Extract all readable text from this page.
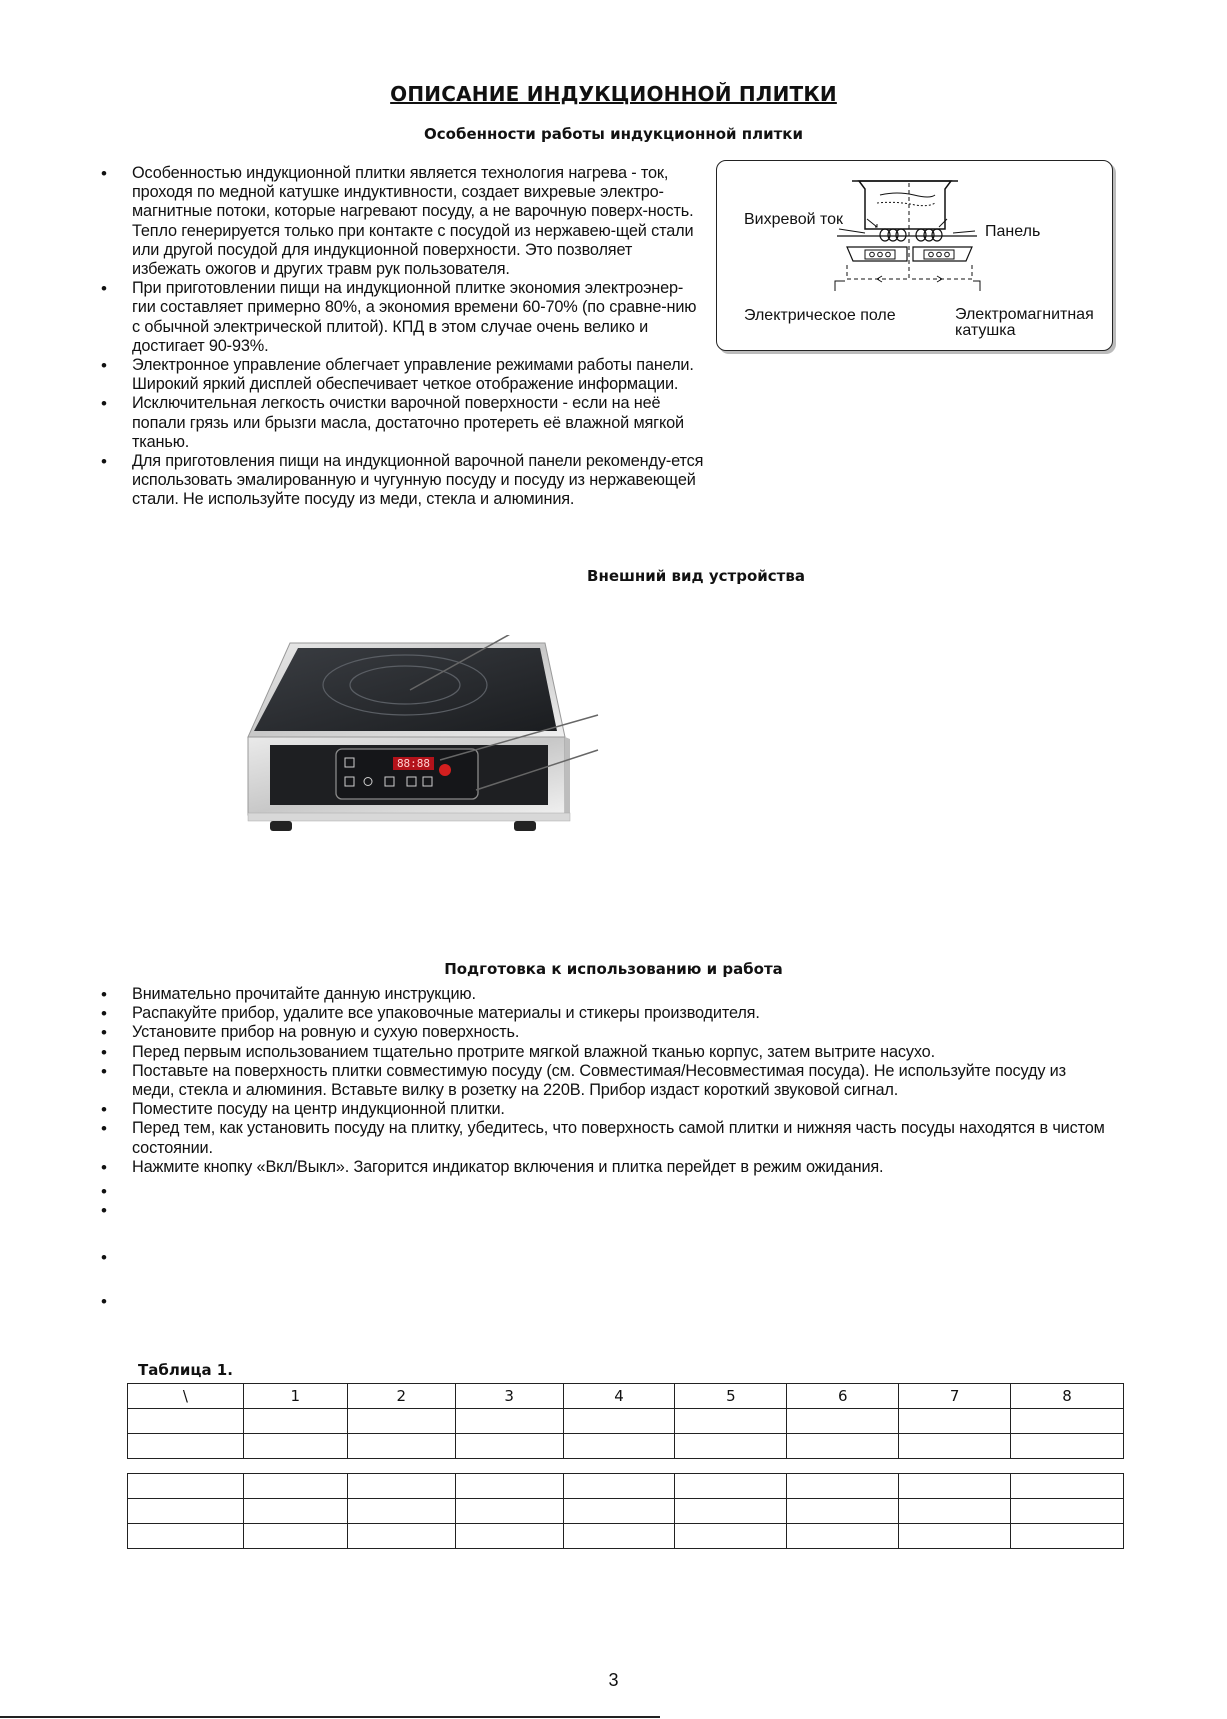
ОПИСАНИЕ ИНДУКЦИОННОЙ ПЛИТКИ
Особенности работы индукционной плитки
• Особенностью индукционной плитки является технология нагрева - ток, проходя по медной катушке индуктивности, создает вихревые электро-магнитные потоки, которые нагревают посуду, а не варочную поверх-ность. Тепло генерируется только при контакте с посудой из нержавею-щей стали или другой посудой для индукционной поверхности. Это позволяет избежать ожогов и других травм рук пользователя.
• При приготовлении пищи на индукционной плитке экономия электроэнер-гии составляет примерно 80%, а экономия времени 60-70% (по сравне-нию с обычной электрической плитой). КПД в этом случае очень велико и достигает 90-93%.
• Электронное управление облегчает управление режимами работы панели. Широкий яркий дисплей обеспечивает четкое отображение информации.
• Исключительная легкость очистки варочной поверхности - если на неё попали грязь или брызги масла, достаточно протереть её влажной мягкой тканью.
• Для приготовления пищи на индукционной варочной панели рекоменду-ется использовать эмалированную и чугунную посуду и посуду из нержавеющей стали. Не используйте посуду из меди, стекла и алюминия.
Вихревой ток
Панель
Электрическое поле	Электромагнитная катушка
Внешний вид устройства
88:88
Подготовка к использованию и работа
• Внимательно прочитайте данную инструкцию.
• Распакуйте прибор, удалите все упаковочные материалы и стикеры производителя.
• Установите прибор на ровную и сухую поверхность.
• Перед первым использованием тщательно протрите мягкой влажной тканью корпус, затем вытрите насухо.
• Поставьте на поверхность плитки совместимую посуду (см. Совместимая/Несовместимая посуда). Не используйте посуду из меди, стекла и алюминия. Вставьте вилку в розетку на 220В. Прибор издаст короткий звуковой сигнал.
• Поместите посуду на центр индукционной плитки.
• Перед тем, как установить посуду на плитку, убедитесь, что поверхность самой плитки и нижняя часть посуды находятся в чистом состоянии.
• Нажмите кнопку «Вкл/Выкл». Загорится индикатор включения и плитка перейдет в режим ожидания.
•
•
•
•
Таблица 1.
\	1	2	3	4	5	6	7	8

3
